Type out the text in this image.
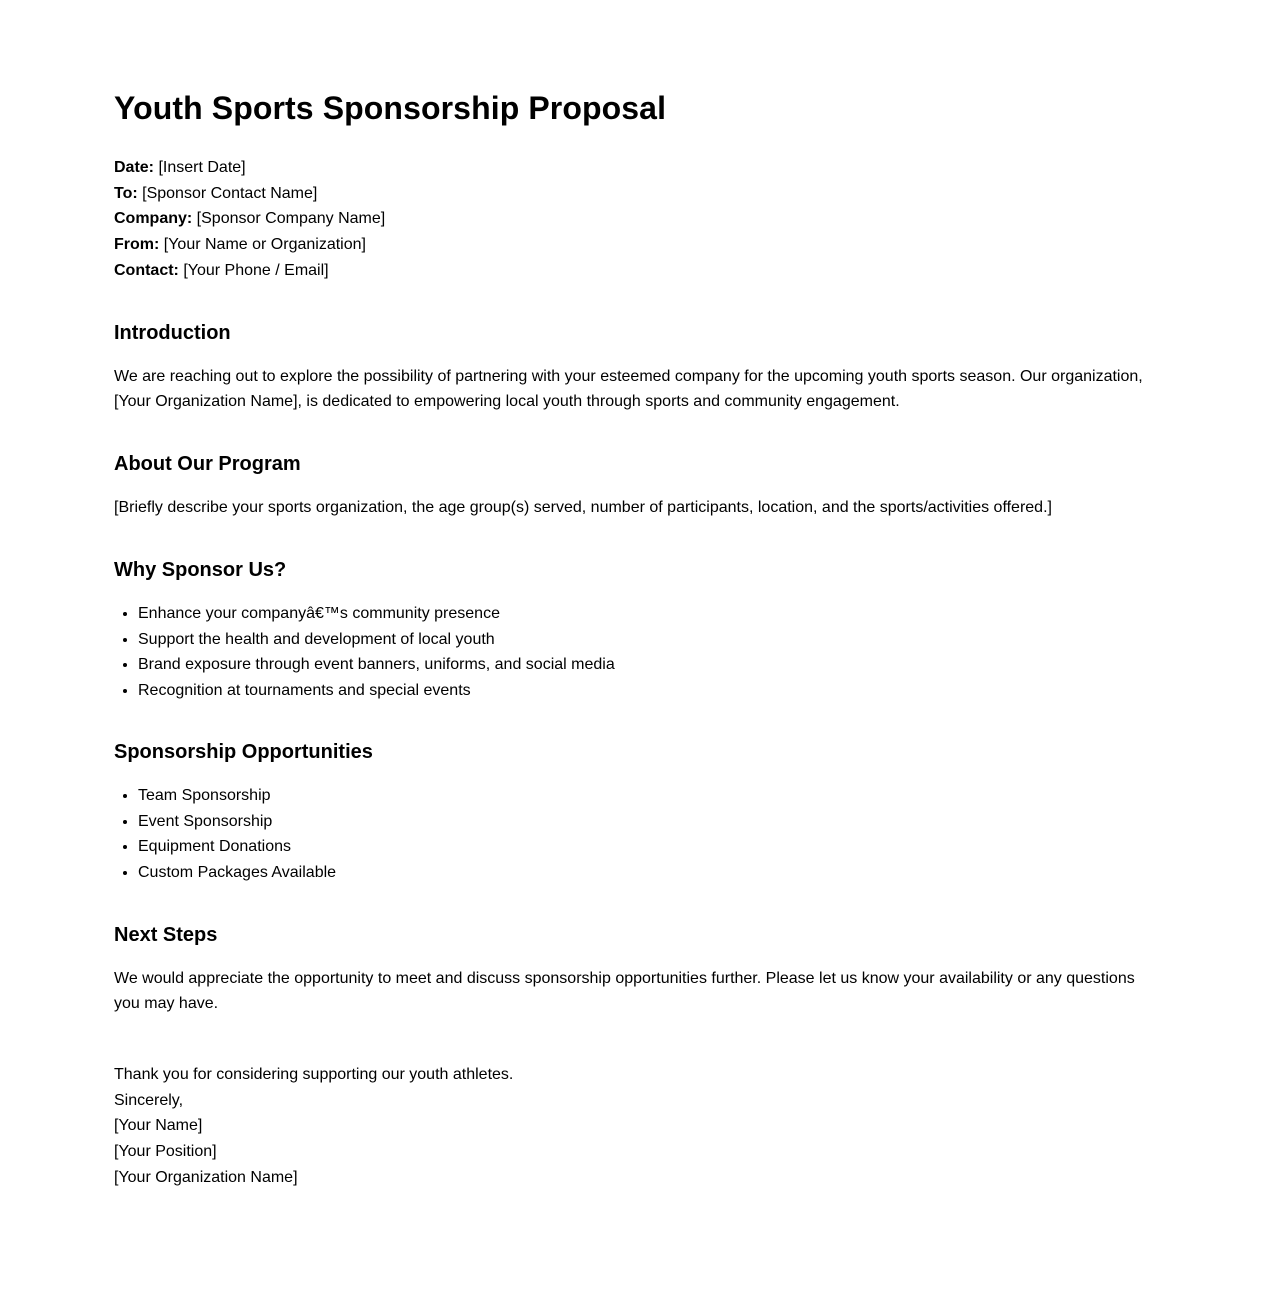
Youth Sports Sponsorship Proposal
Date: [Insert Date]
To: [Sponsor Contact Name]
Company: [Sponsor Company Name]
From: [Your Name or Organization]
Contact: [Your Phone / Email]
Introduction

We are reaching out to explore the possibility of partnering with your esteemed company for the upcoming youth sports season. Our organization, [Your Organization Name], is dedicated to empowering local youth through sports and community engagement.

About Our Program

[Briefly describe your sports organization, the age group(s) served, number of participants, location, and the sports/activities offered.]

Why Sponsor Us?
• Enhance your companyâ€™s community presence
• Support the health and development of local youth
• Brand exposure through event banners, uniforms, and social media
• Recognition at tournaments and special events
Sponsorship Opportunities
• Team Sponsorship
• Event Sponsorship
• Equipment Donations
• Custom Packages Available
Next Steps

We would appreciate the opportunity to meet and discuss sponsorship opportunities further. Please let us know your availability or any questions you may have.

Thank you for considering supporting our youth athletes.
Sincerely,
[Your Name]
[Your Position]
[Your Organization Name]
